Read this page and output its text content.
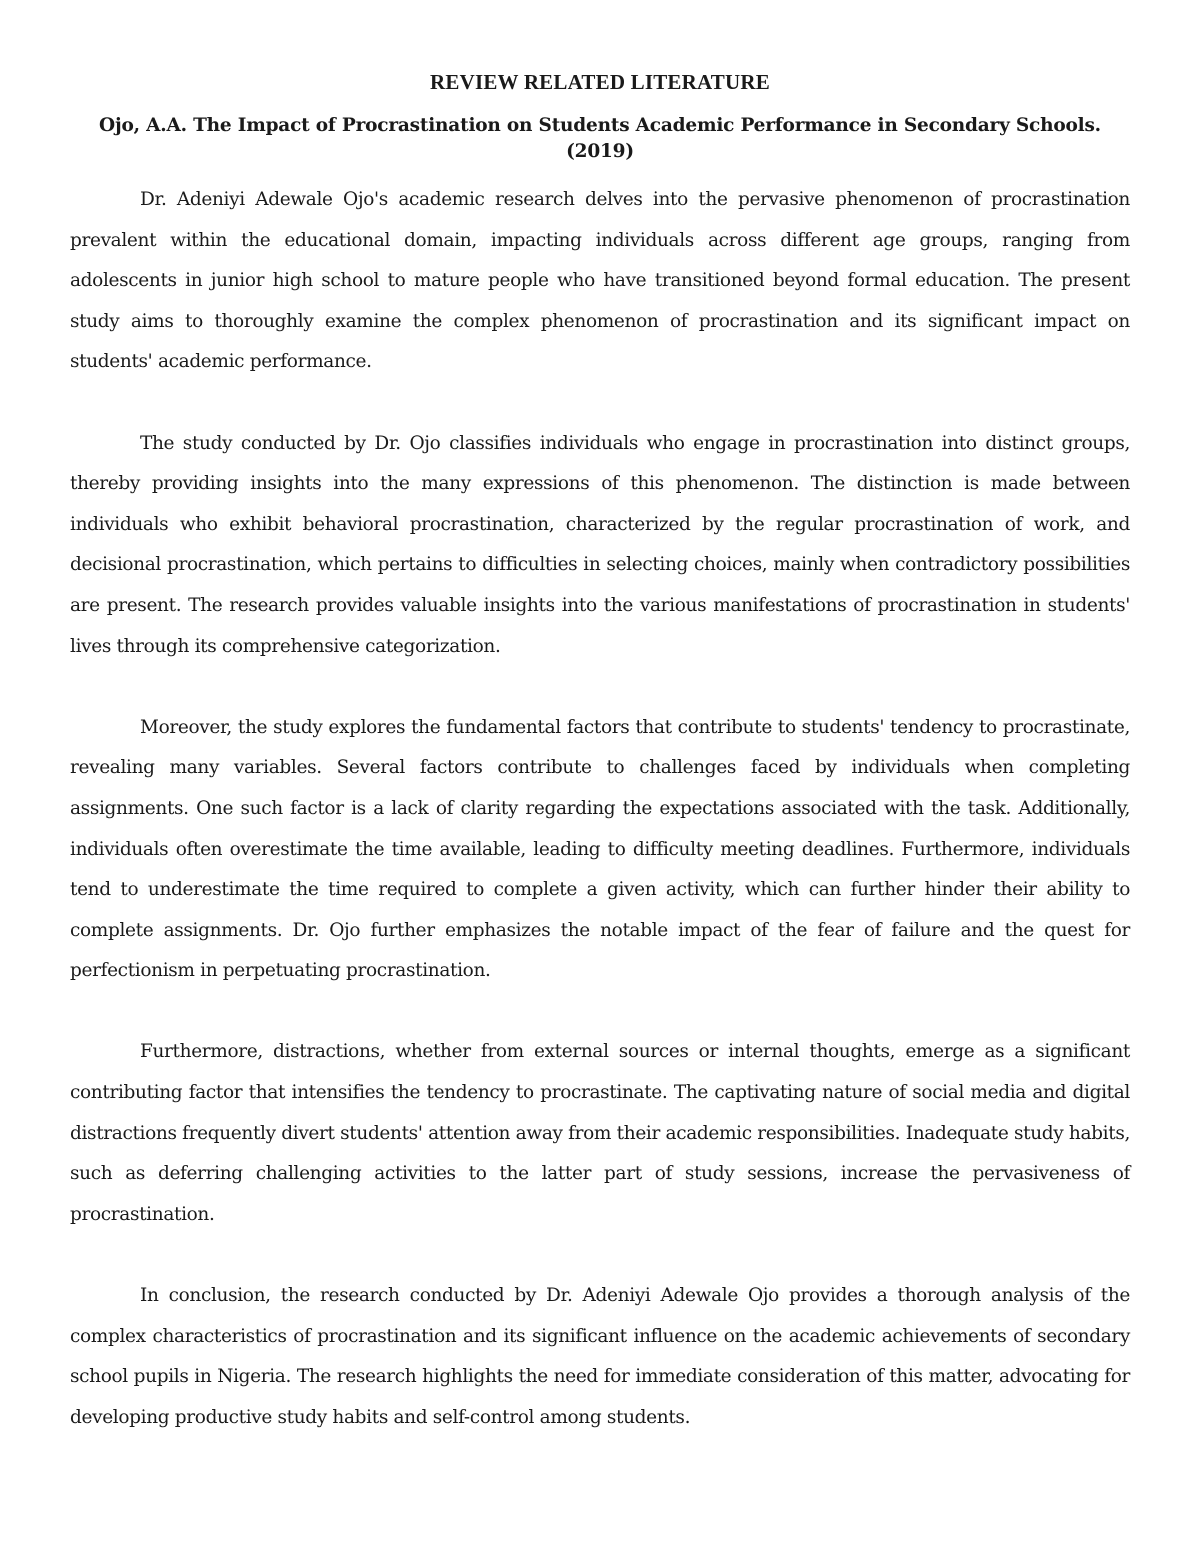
REVIEW RELATED LITERATURE

Ojo, A.A. The Impact of Procrastination on Students Academic Performance in Secondary Schools. (2019)

Dr. Adeniyi Adewale Ojo's academic research delves into the pervasive phenomenon of procrastination prevalent within the educational domain, impacting individuals across different age groups, ranging from adolescents in junior high school to mature people who have transitioned beyond formal education. The present study aims to thoroughly examine the complex phenomenon of procrastination and its significant impact on students' academic performance.

The study conducted by Dr. Ojo classifies individuals who engage in procrastination into distinct groups, thereby providing insights into the many expressions of this phenomenon. The distinction is made between individuals who exhibit behavioral procrastination, characterized by the regular procrastination of work, and decisional procrastination, which pertains to difficulties in selecting choices, mainly when contradictory possibilities are present. The research provides valuable insights into the various manifestations of procrastination in students' lives through its comprehensive categorization.

Moreover, the study explores the fundamental factors that contribute to students' tendency to procrastinate, revealing many variables. Several factors contribute to challenges faced by individuals when completing assignments. One such factor is a lack of clarity regarding the expectations associated with the task. Additionally, individuals often overestimate the time available, leading to difficulty meeting deadlines. Furthermore, individuals tend to underestimate the time required to complete a given activity, which can further hinder their ability to complete assignments. Dr. Ojo further emphasizes the notable impact of the fear of failure and the quest for perfectionism in perpetuating procrastination.

Furthermore, distractions, whether from external sources or internal thoughts, emerge as a significant contributing factor that intensifies the tendency to procrastinate. The captivating nature of social media and digital distractions frequently divert students' attention away from their academic responsibilities. Inadequate study habits, such as deferring challenging activities to the latter part of study sessions, increase the pervasiveness of procrastination.

In conclusion, the research conducted by Dr. Adeniyi Adewale Ojo provides a thorough analysis of the complex characteristics of procrastination and its significant influence on the academic achievements of secondary school pupils in Nigeria. The research highlights the need for immediate consideration of this matter, advocating for developing productive study habits and self-control among students.
